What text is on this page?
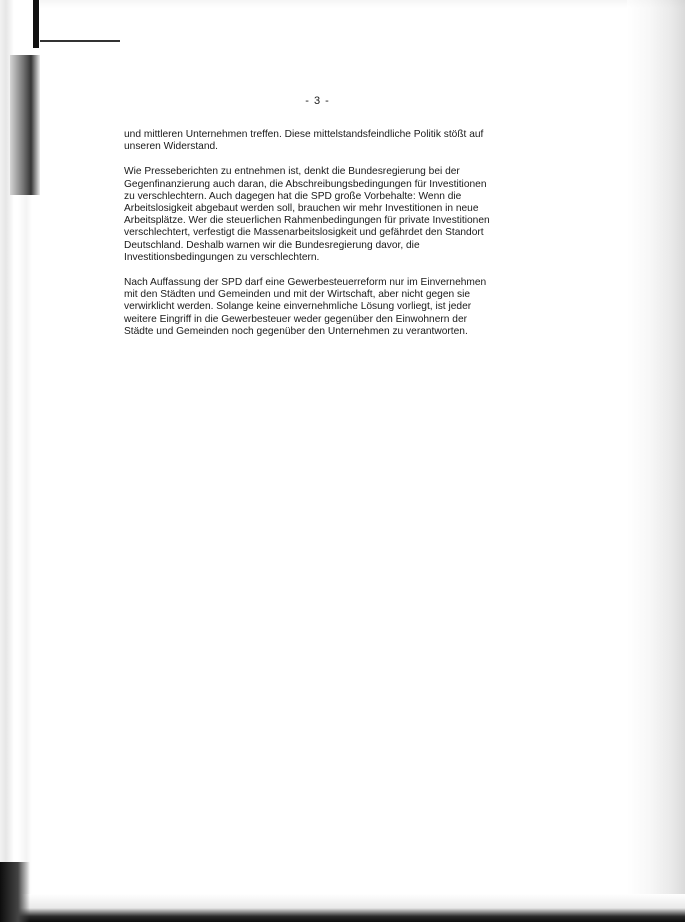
- 3 -

und mittleren Unternehmen treffen. Diese mittelstandsfeindliche Politik stößt auf
unseren Widerstand.

Wie Presseberichten zu entnehmen ist, denkt die Bundesregierung bei der
Gegenfinanzierung auch daran, die Abschreibungsbedingungen für Investitionen
zu verschlechtern. Auch dagegen hat die SPD große Vorbehalte: Wenn die
Arbeitslosigkeit abgebaut werden soll, brauchen wir mehr Investitionen in neue
Arbeitsplätze. Wer die steuerlichen Rahmenbedingungen für private Investitionen
verschlechtert, verfestigt die Massenarbeitslosigkeit und gefährdet den Standort
Deutschland. Deshalb warnen wir die Bundesregierung davor, die
Investitionsbedingungen zu verschlechtern.

Nach Auffassung der SPD darf eine Gewerbesteuerreform nur im Einvernehmen
mit den Städten und Gemeinden und mit der Wirtschaft, aber nicht gegen sie
verwirklicht werden. Solange keine einvernehmliche Lösung vorliegt, ist jeder
weitere Eingriff in die Gewerbesteuer weder gegenüber den Einwohnern der
Städte und Gemeinden noch gegenüber den Unternehmen zu verantworten.
